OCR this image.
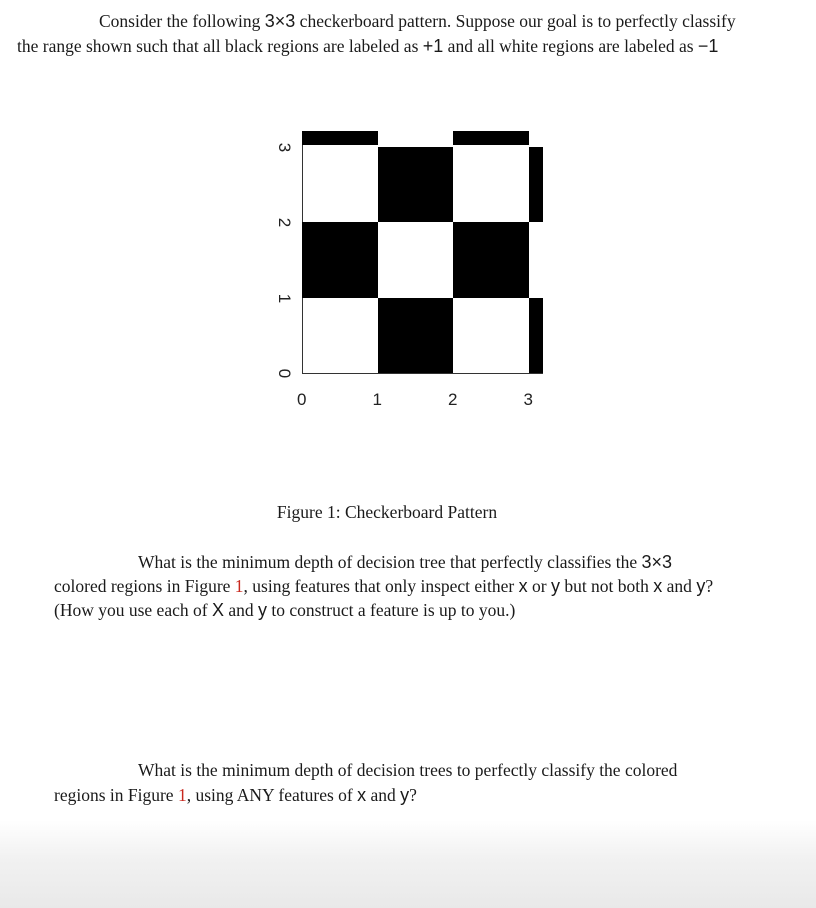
Consider the following 3×3 checkerboard pattern. Suppose our goal is to perfectly classify
the range shown such that all black regions are labeled as +1 and all white regions are labeled as −1
0	1	2	3
0
1
2
3
Figure 1: Checkerboard Pattern
What is the minimum depth of decision tree that perfectly classifies the 3×3
colored regions in Figure 1, using features that only inspect either x or y but not both x and y?
(How you use each of X and y to construct a feature is up to you.)
What is the minimum depth of decision trees to perfectly classify the colored
regions in Figure 1, using ANY features of x and y?
